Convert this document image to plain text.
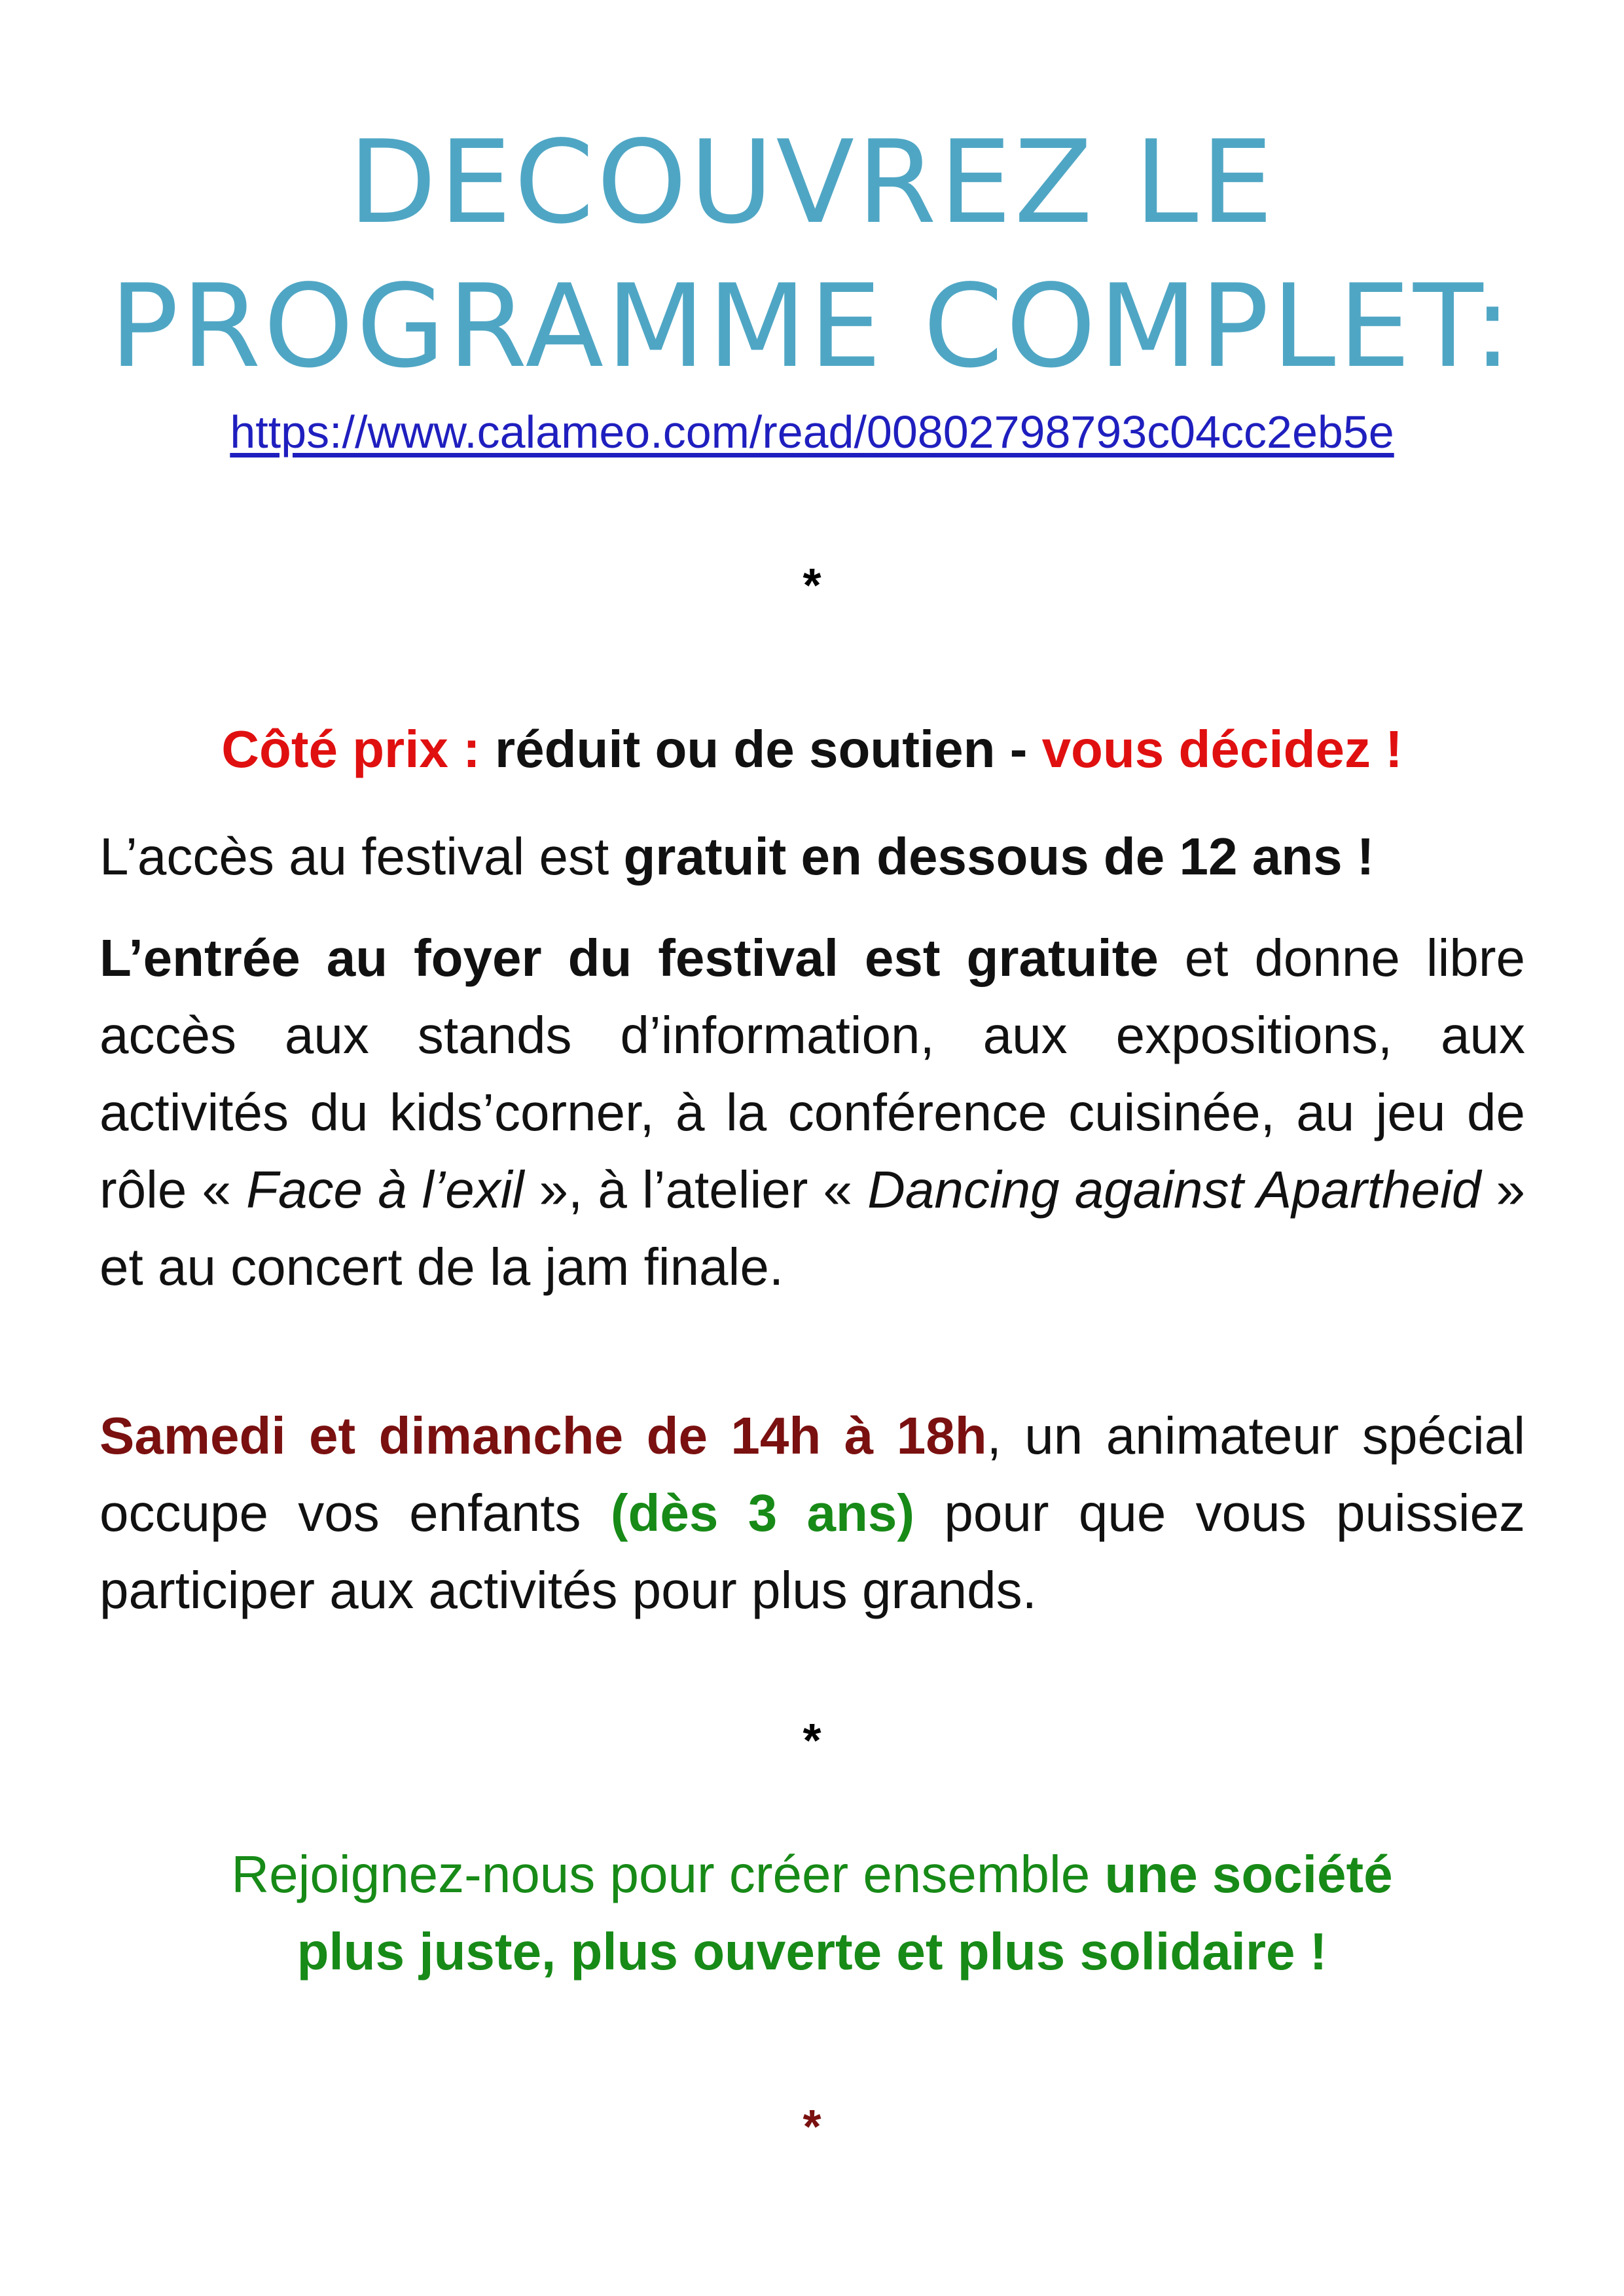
DECOUVREZ LE
PROGRAMME COMPLET:
https://www.calameo.com/read/00802798793c04cc2eb5e
*
Côté prix : réduit ou de soutien - vous décidez !
L’accès au festival est gratuit en dessous de 12 ans !
L’entrée au foyer du festival est gratuite et donne libre accès aux stands d’information, aux expositions, aux activités du kids’corner, à la conférence cuisinée, au jeu de rôle « Face à l’exil », à l’atelier « Dancing against Apartheid » et au concert de la jam finale.
Samedi et dimanche de 14h à 18h, un animateur spécial occupe vos enfants (dès 3 ans) pour que vous puissiez participer aux activités pour plus grands.
*
Rejoignez-nous pour créer ensemble une société
plus juste, plus ouverte et plus solidaire !
*
